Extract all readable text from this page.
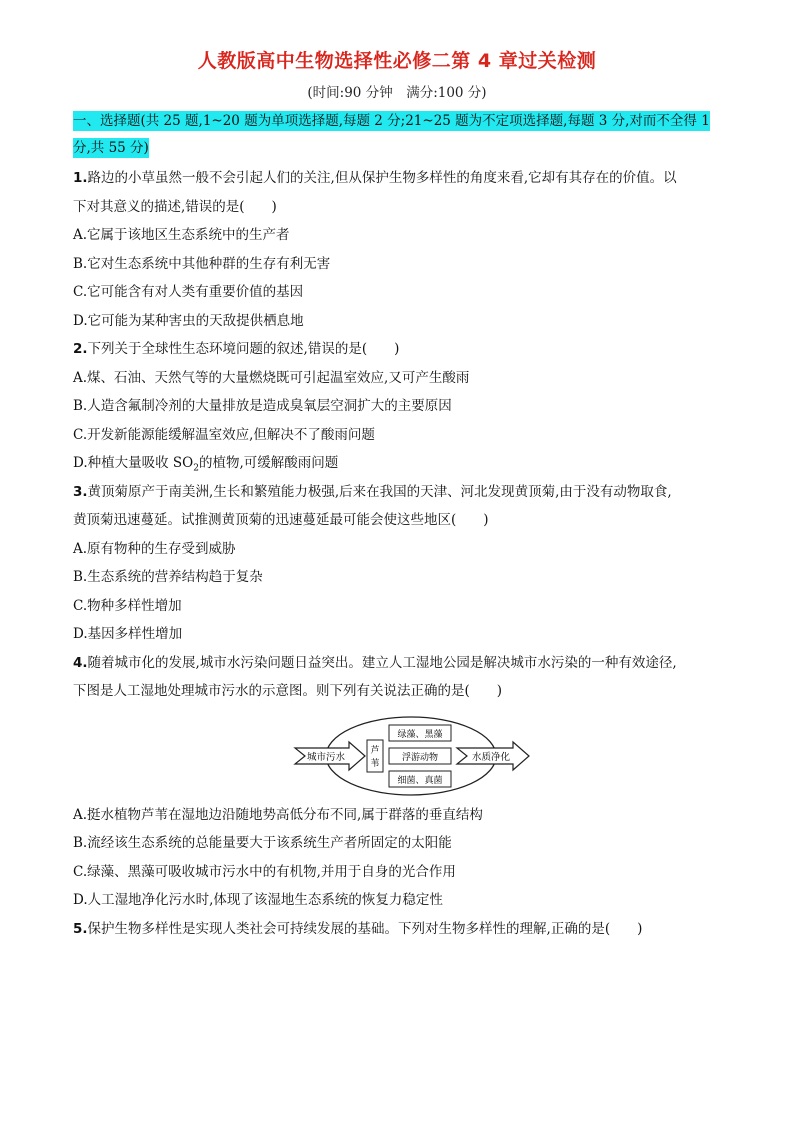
人教版高中生物选择性必修二第 4 章过关检测
(时间:90 分钟　满分:100 分)
一、选择题(共 25 题,1~20 题为单项选择题,每题 2 分;21~25 题为不定项选择题,每题 3 分,对而不全得 1
分,共 55 分)
1.路边的小草虽然一般不会引起人们的关注,但从保护生物多样性的角度来看,它却有其存在的价值。以
下对其意义的描述,错误的是(　　)
A.它属于该地区生态系统中的生产者
B.它对生态系统中其他种群的生存有利无害
C.它可能含有对人类有重要价值的基因
D.它可能为某种害虫的天敌提供栖息地
2.下列关于全球性生态环境问题的叙述,错误的是(　　)
A.煤、石油、天然气等的大量燃烧既可引起温室效应,又可产生酸雨
B.人造含氟制冷剂的大量排放是造成臭氧层空洞扩大的主要原因
C.开发新能源能缓解温室效应,但解决不了酸雨问题
D.种植大量吸收 $SO_2$的植物,可缓解酸雨问题
3.黄顶菊原产于南美洲,生长和繁殖能力极强,后来在我国的天津、河北发现黄顶菊,由于没有动物取食,
黄顶菊迅速蔓延。试推测黄顶菊的迅速蔓延最可能会使这些地区(　　)
A.原有物种的生存受到威胁
B.生态系统的营养结构趋于复杂
C.物种多样性增加
D.基因多样性增加
4.随着城市化的发展,城市水污染问题日益突出。建立人工湿地公园是解决城市水污染的一种有效途径,
下图是人工湿地处理城市污水的示意图。则下列有关说法正确的是(　　)
城市污水
芦
苇
绿藻、黑藻
浮游动物
细菌、真菌
水质净化
A.挺水植物芦苇在湿地边沿随地势高低分布不同,属于群落的垂直结构
B.流经该生态系统的总能量要大于该系统生产者所固定的太阳能
C.绿藻、黑藻可吸收城市污水中的有机物,并用于自身的光合作用
D.人工湿地净化污水时,体现了该湿地生态系统的恢复力稳定性
5.保护生物多样性是实现人类社会可持续发展的基础。下列对生物多样性的理解,正确的是(　　)
